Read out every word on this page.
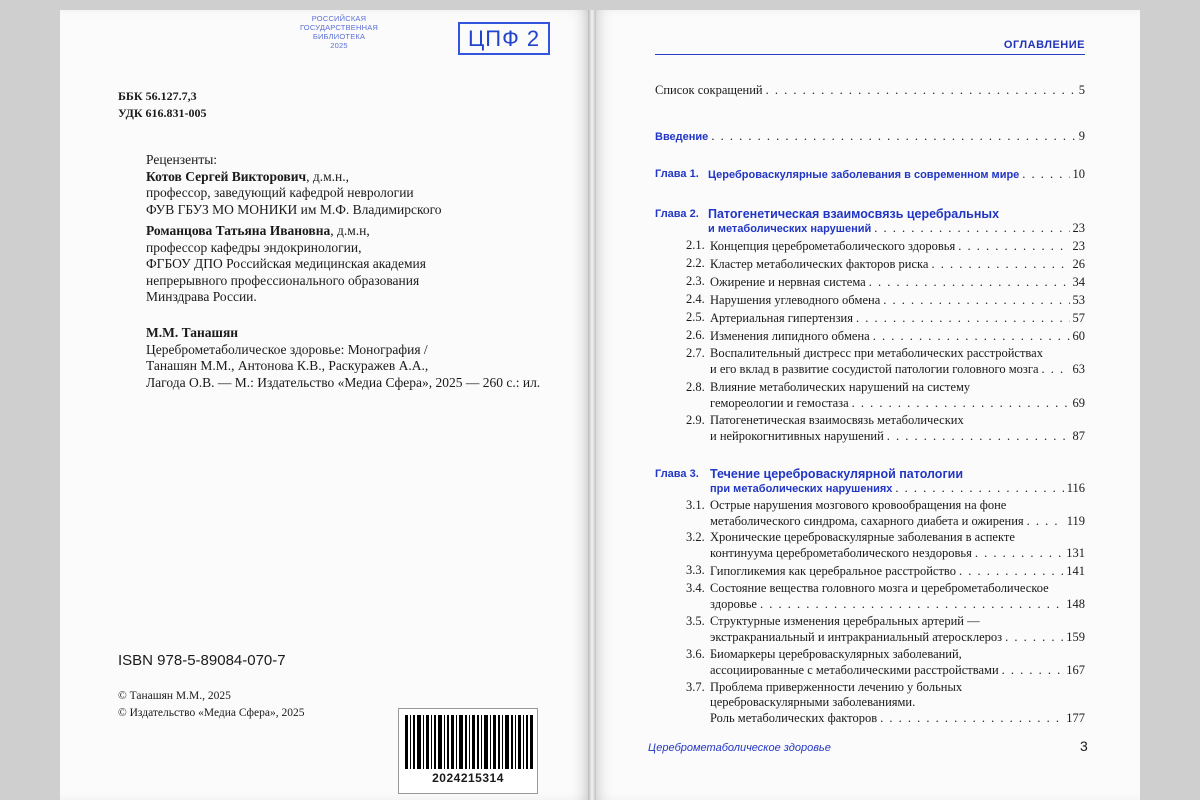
РОССИЙСКАЯ
ГОСУДАРСТВЕННАЯ
БИБЛИОТЕКА
2025	ЦПФ 2
ББК 56.127.7,3
УДК 616.831-005
Рецензенты:
Котов Сергей Викторович, д.м.н.,
профессор, заведующий кафедрой неврологии
ФУВ ГБУЗ МО МОНИКИ им М.Ф. Владимирского
Романцова Татьяна Ивановна, д.м.н,
профессор кафедры эндокринологии,
ФГБОУ ДПО Российская медицинская академия
непрерывного профессионального образования
Минздрава России.
М.М. Танашян
Цереброметаболическое здоровье: Монография /
Танашян М.М., Антонова К.В., Раскуражев А.А.,
Лагода О.В. — М.: Издательство «Медиа Сфера», 2025 — 260 с.: ил.
ISBN 978-5-89084-070-7
© Танашян М.М., 2025
© Издательство «Медиа Сфера», 2025
2024215314
ОГЛАВЛЕНИЕ
Список сокращений . . .	5
Введение . . .	9
Глава 1. Цереброваскулярные заболевания в современном мире . . .	10
Глава 2. Патогенетическая взаимосвязь церебральных
и метаболических нарушений . . .	23
2.1. Концепция цереброметаболического здоровья . . .	23
2.2. Кластер метаболических факторов риска . . .	26
2.3. Ожирение и нервная система . . .	34
2.4. Нарушения углеводного обмена . . .	53
2.5. Артериальная гипертензия . . .	57
2.6. Изменения липидного обмена . . .	60
2.7. Воспалительный дистресс при метаболических расстройствах
и его вклад в развитие сосудистой патологии головного мозга . . .	63
2.8. Влияние метаболических нарушений на систему
гемореологии и гемостаза . . .	69
2.9. Патогенетическая взаимосвязь метаболических
и нейрокогнитивных нарушений . . .	87
Глава 3. Течение цереброваскулярной патологии
при метаболических нарушениях . . .	116
3.1. Острые нарушения мозгового кровообращения на фоне
метаболического синдрома, сахарного диабета и ожирения . . .	119
3.2. Хронические цереброваскулярные заболевания в аспекте
континуума цереброметаболического нездоровья . . .	131
3.3. Гипогликемия как церебральное расстройство . . .	141
3.4. Состояние вещества головного мозга и цереброметаболическое
здоровье . . .	148
3.5. Структурные изменения церебральных артерий —
экстракраниальный и интракраниальный атеросклероз . . .	159
3.6. Биомаркеры цереброваскулярных заболеваний,
ассоциированные с метаболическими расстройствами . . .	167
3.7. Проблема приверженности лечению у больных
цереброваскулярными заболеваниями.
Роль метаболических факторов . . .	177
Цереброметаболическое здоровье	3
